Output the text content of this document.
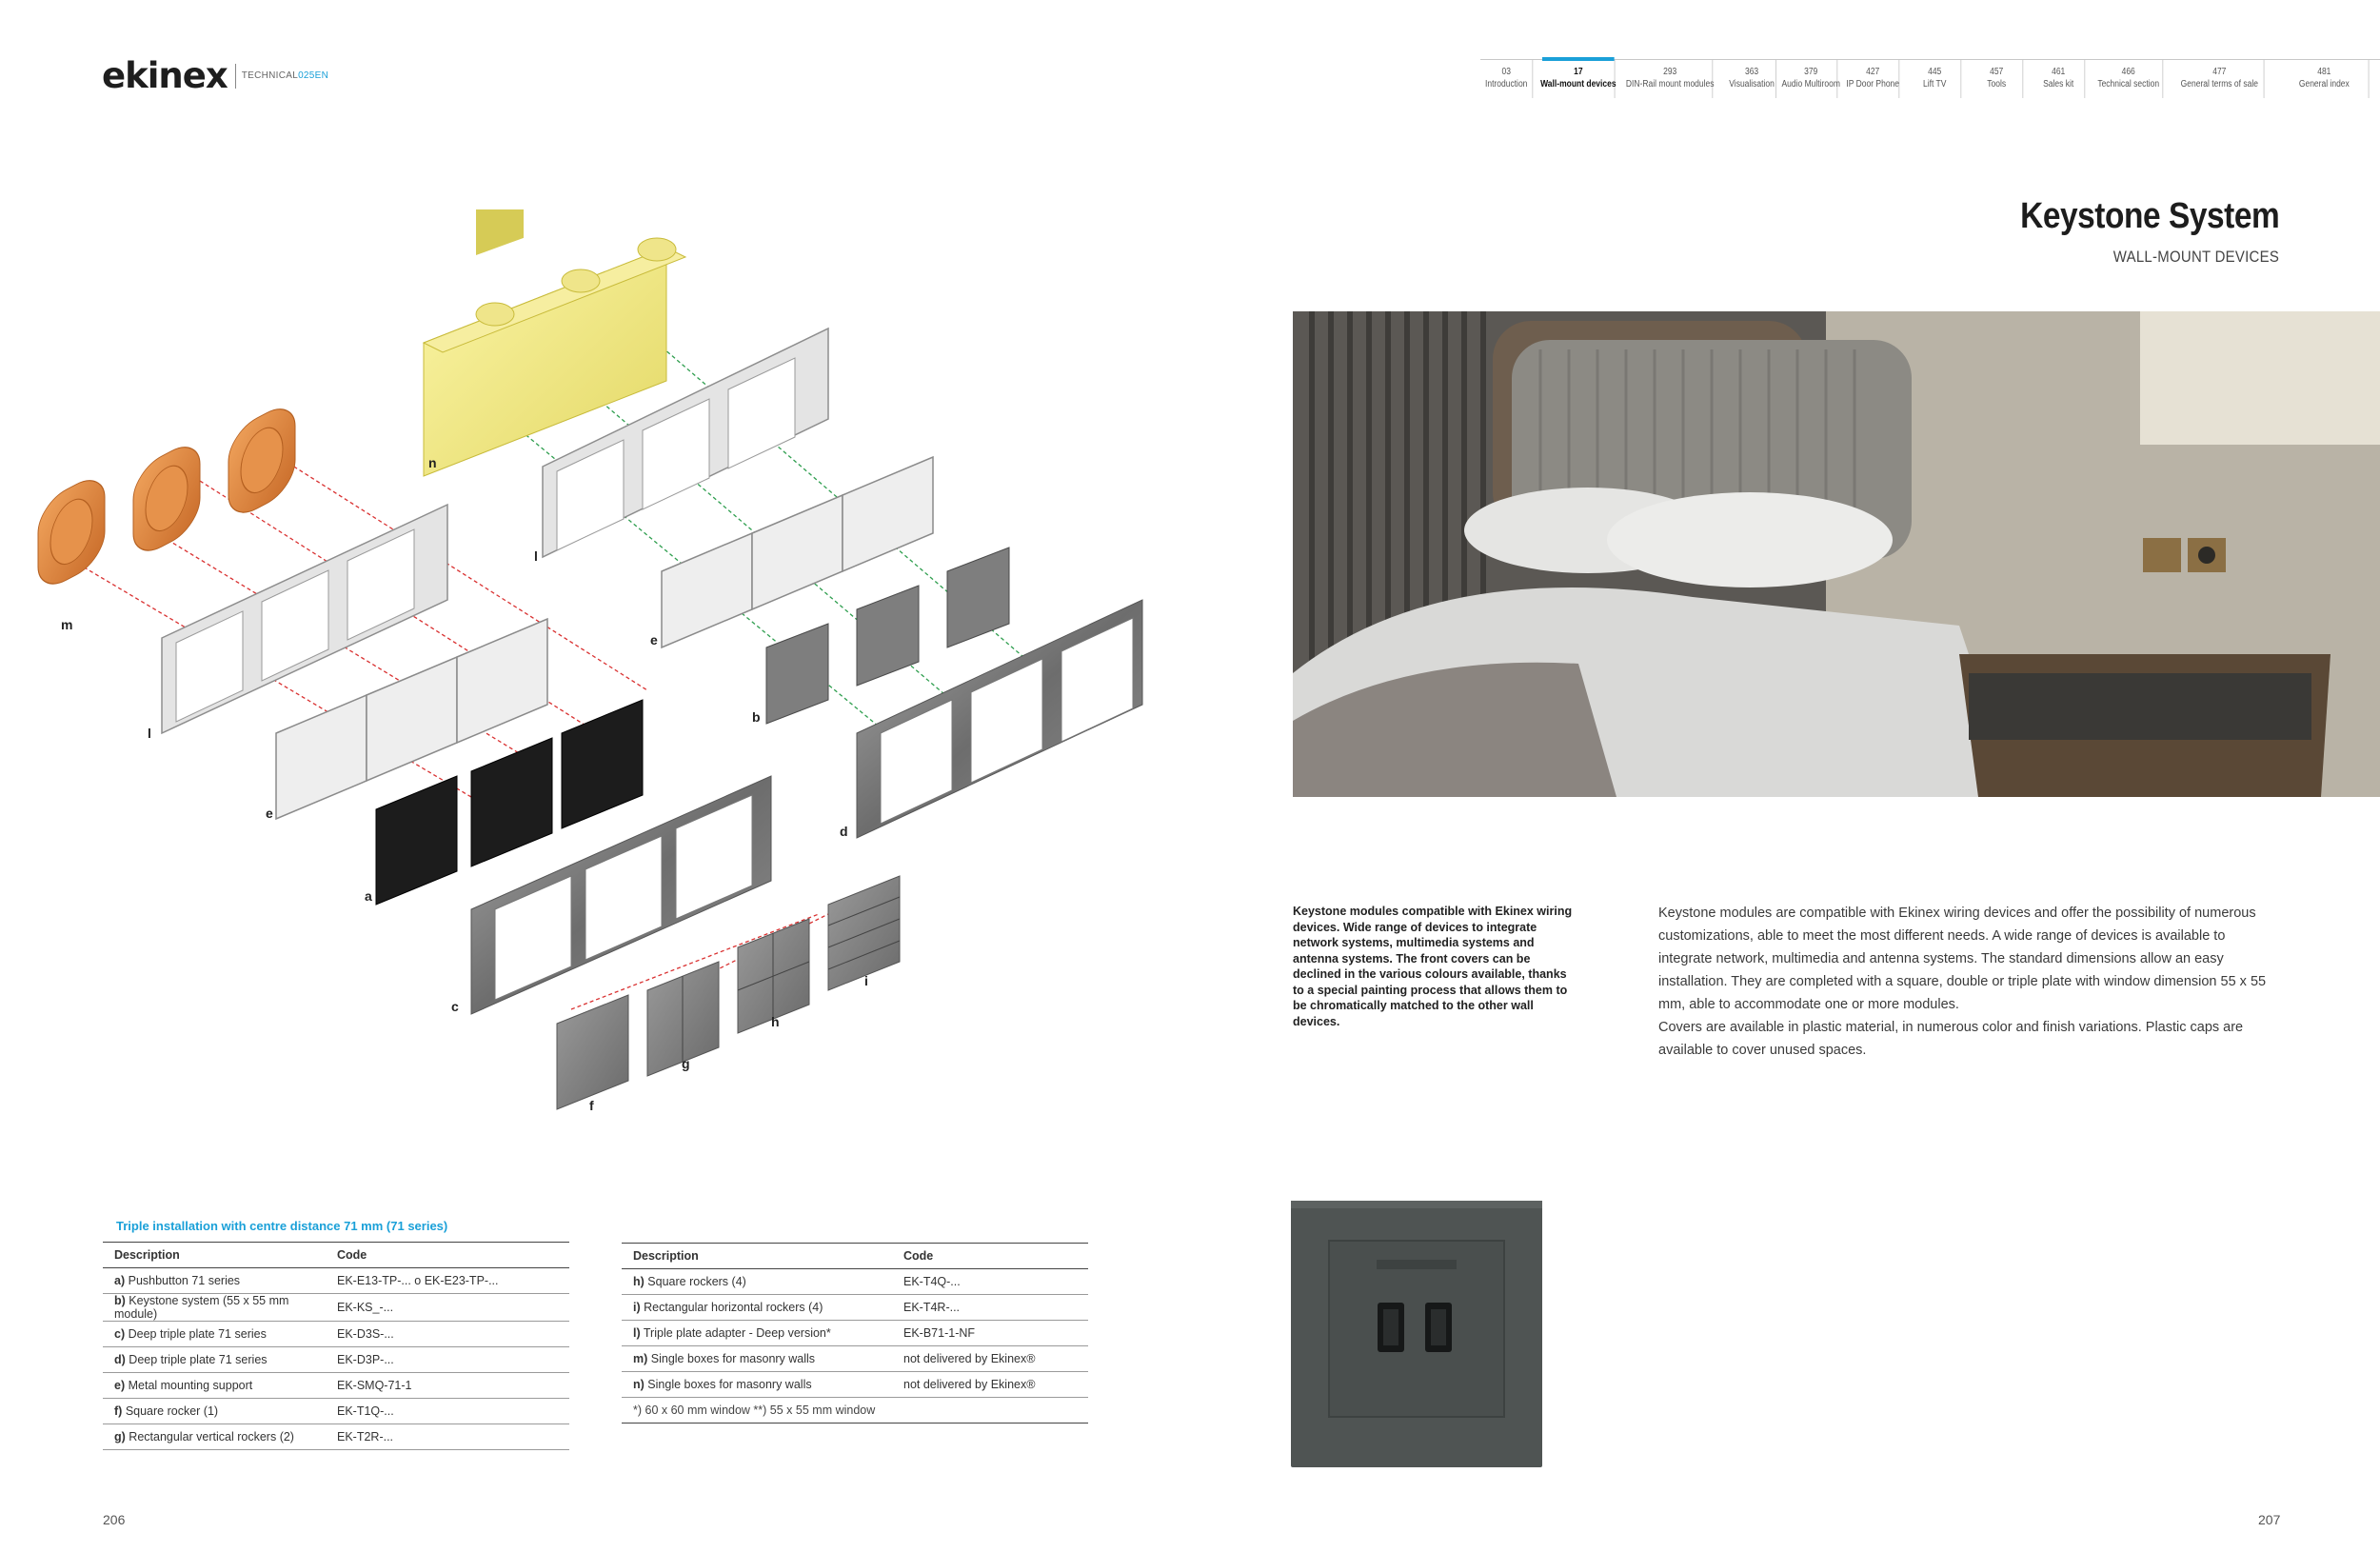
ekinex TECHNICAL025EN	03
Introduction
17
Wall-mount devices
293
DIN-Rail mount modules
363
Visualisation
379
Audio Multiroom
427
IP Door Phone
445
Lift TV
457
Tools
461
Sales kit
466
Technical section
477
General terms of sale
481
General index
Keystone System
WALL-MOUNT DEVICES
n
l
m
e
l
b
e
d
a
i
c
h
g
f
Keystone modules compatible with Ekinex wiring devices. Wide range of devices to integrate network systems, multimedia systems and antenna systems. The front covers can be declined in the various colours available, thanks to a special painting process that allows them to be chromatically matched to the other wall devices.

Keystone modules are compatible with Ekinex wiring devices and offer the possibility of numerous customizations, able to meet the most different needs. A wide range of devices is available to integrate network, multimedia and antenna systems. The standard dimensions allow an easy installation. They are completed with a square, double or triple plate with window dimension 55 x 55 mm, able to accommodate one or more modules.

Covers are available in plastic material, in numerous color and finish variations. Plastic caps are available to cover unused spaces.

Triple installation with centre distance 71 mm (71 series)
Description	Code
a) Pushbutton 71 series	EK-E13-TP-... o EK-E23-TP-...
b) Keystone system (55 x 55 mm module)	EK-KS_-...
c) Deep triple plate 71 series	EK-D3S-...
d) Deep triple plate 71 series	EK-D3P-...
e) Metal mounting support	EK-SMQ-71-1
f) Square rocker (1)	EK-T1Q-...
g) Rectangular vertical rockers (2)	EK-T2R-...
Description	Code
h) Square rockers (4)	EK-T4Q-...
i) Rectangular horizontal rockers (4)	EK-T4R-...
l) Triple plate adapter - Deep version*	EK-B71-1-NF
m) Single boxes for masonry walls	not delivered by Ekinex®
n) Single boxes for masonry walls	not delivered by Ekinex®
*) 60 x 60 mm window **) 55 x 55 mm window	
206	207
